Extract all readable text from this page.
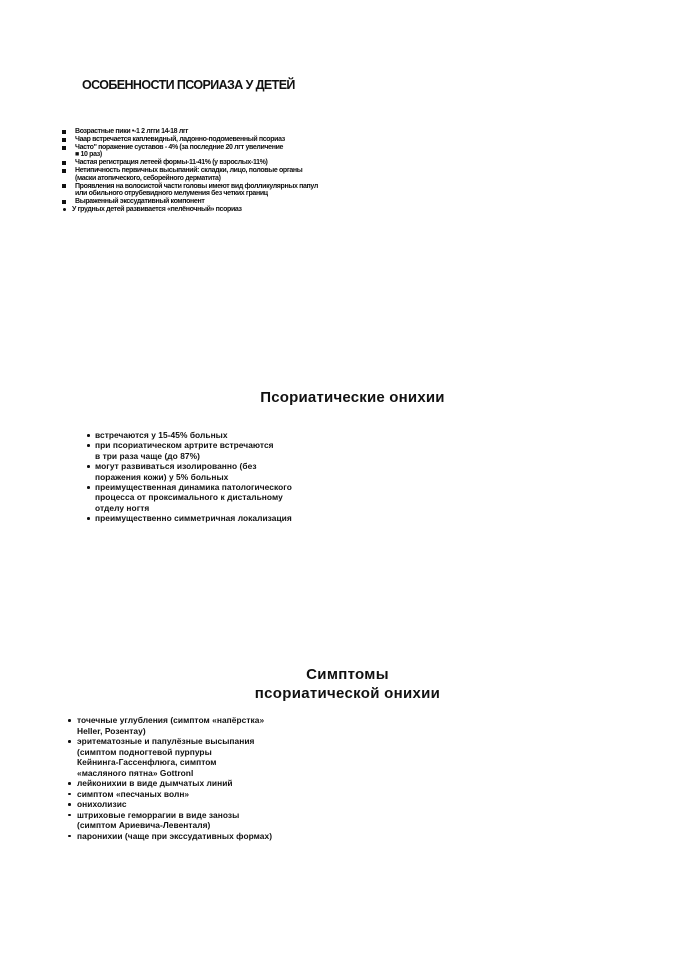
ОСОБЕННОСТИ ПСОРИАЗА У ДЕТЕЙ
Возрастные пики •-1 2 лгги 14-18 лгг
Чаар встречается каплевидный, ладонно-подомевенный псориаз
Часто" поражение суставов - 4% (за последние 20 лгт увеличение
■ 10 раз)
Частая регистрация летеей формы-11-41% (у взрослых-11%)
Нетипичность первичных высыпаний: складки, лицо, половые органы (маски атопического, себорейного дерматита)
Проявления на волосистой части головы имеют вид фолликулярных папул или обильного отрубевидного мелумения без четких границ
Выраженный экссудативный компонент
У грудных детей развивается «пелёночный» псориаз
Псориатические онихии
встречаются у 15-45% больных
при псориатическом артрите встречаются
в три раза чаще (до 87%)
могут развиваться изолированно (без
поражения кожи) у 5% больных
преимущественная динамика патологического
процесса от проксимального к дистальному
отделу ногтя
преимущественно симметричная локализация
Симптомы
псориатической онихии
точечные углубления (симптом «напёрстка»
Heller, Розентау)
эритематозные и папулёзные высыпания
(симптом подногтевой пурпуры
Кейнинга-Гассенфлюга, симптом
«масляного пятна» Gottronl
лейконихии в виде дымчатых линий
симптом «песчаных волн»
онихолизис
штриховые геморрагии в виде занозы
(симптом Ариевича-Левенталя)
паронихии (чаще при экссудативных формах)
